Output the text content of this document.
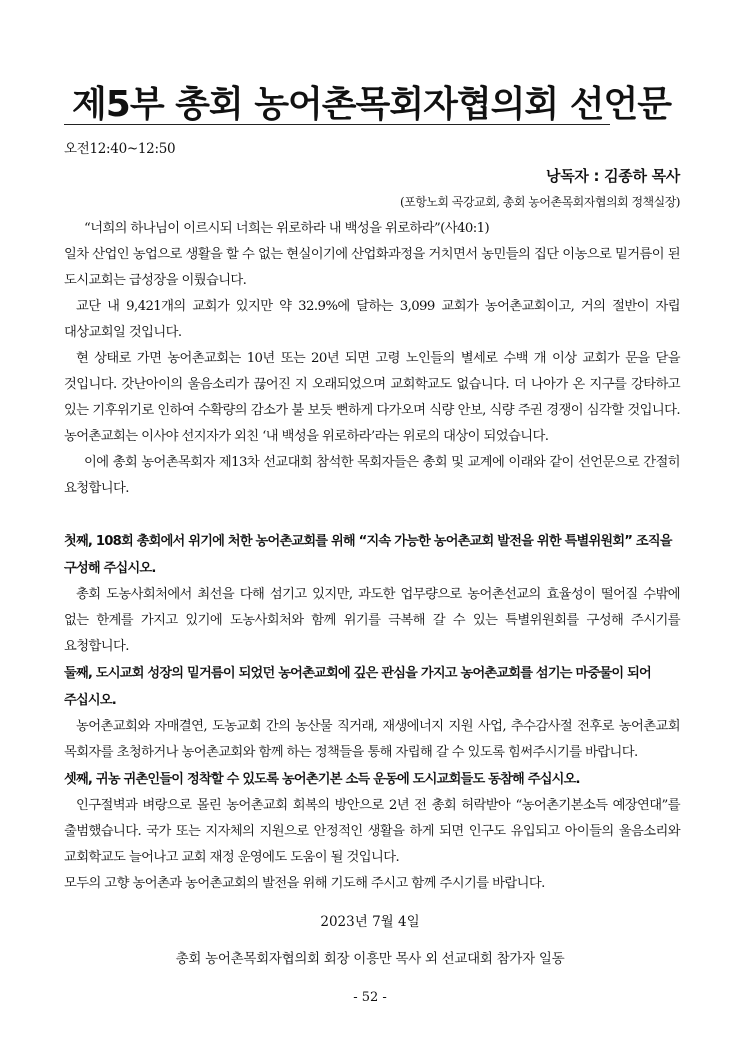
제5부 총회 농어촌목회자협의회 선언문
오전12:40~12:50
낭독자 : 김종하 목사
(포항노회 곡강교회, 총회 농어촌목회자협의회 정책실장)

“너희의 하나님이 이르시되 너희는 위로하라 내 백성을 위로하라”(사40:1)

일차 산업인 농업으로 생활을 할 수 없는 현실이기에 산업화과정을 거치면서 농민들의 집단 이농으로 밑거름이 된 도시교회는 급성장을 이뤘습니다.

교단 내 9,421개의 교회가 있지만 약 32.9%에 달하는 3,099 교회가 농어촌교회이고, 거의 절반이 자립 대상교회일 것입니다.

현 상태로 가면 농어촌교회는 10년 또는 20년 되면 고령 노인들의 별세로 수백 개 이상 교회가 문을 닫을 것입니다. 갓난아이의 울음소리가 끊어진 지 오래되었으며 교회학교도 없습니다. 더 나아가 온 지구를 강타하고 있는 기후위기로 인하여 수확량의 감소가 불 보듯 뻔하게 다가오며 식량 안보, 식량 주권 경쟁이 심각할 것입니다. 농어촌교회는 이사야 선지자가 외친 ‘내 백성을 위로하라’라는 위로의 대상이 되었습니다.

이에 총회 농어촌목회자 제13차 선교대회 참석한 목회자들은 총회 및 교계에 이래와 같이 선언문으로 간절히 요청합니다.

첫째, 108회 총회에서 위기에 처한 농어촌교회를 위해 “지속 가능한 농어촌교회 발전을 위한 특별위원회” 조직을 구성해 주십시오.

총회 도농사회처에서 최선을 다해 섬기고 있지만, 과도한 업무량으로 농어촌선교의 효율성이 떨어질 수밖에 없는 한계를 가지고 있기에 도농사회처와 함께 위기를 극복해 갈 수 있는 특별위원회를 구성해 주시기를 요청합니다.

둘째, 도시교회 성장의 밑거름이 되었던 농어촌교회에 깊은 관심을 가지고 농어촌교회를 섬기는 마중물이 되어 주십시오.

농어촌교회와 자매결연, 도농교회 간의 농산물 직거래, 재생에너지 지원 사업, 추수감사절 전후로 농어촌교회 목회자를 초청하거나 농어촌교회와 함께 하는 정책들을 통해 자립해 갈 수 있도록 힘써주시기를 바랍니다.

셋째, 귀농 귀촌인들이 정착할 수 있도록 농어촌기본 소득 운동에 도시교회들도 동참해 주십시오.

인구절벽과 벼랑으로 몰린 농어촌교회 회복의 방안으로 2년 전 총회 허락받아 “농어촌기본소득 예장연대”를 출범했습니다. 국가 또는 지자체의 지원으로 안정적인 생활을 하게 되면 인구도 유입되고 아이들의 울음소리와 교회학교도 늘어나고 교회 재정 운영에도 도움이 될 것입니다.

모두의 고향 농어촌과 농어촌교회의 발전을 위해 기도해 주시고 함께 주시기를 바랍니다.

2023년 7월 4일
총회 농어촌목회자협의회 회장 이흥만 목사 외 선교대회 참가자 일동
- 52 -
